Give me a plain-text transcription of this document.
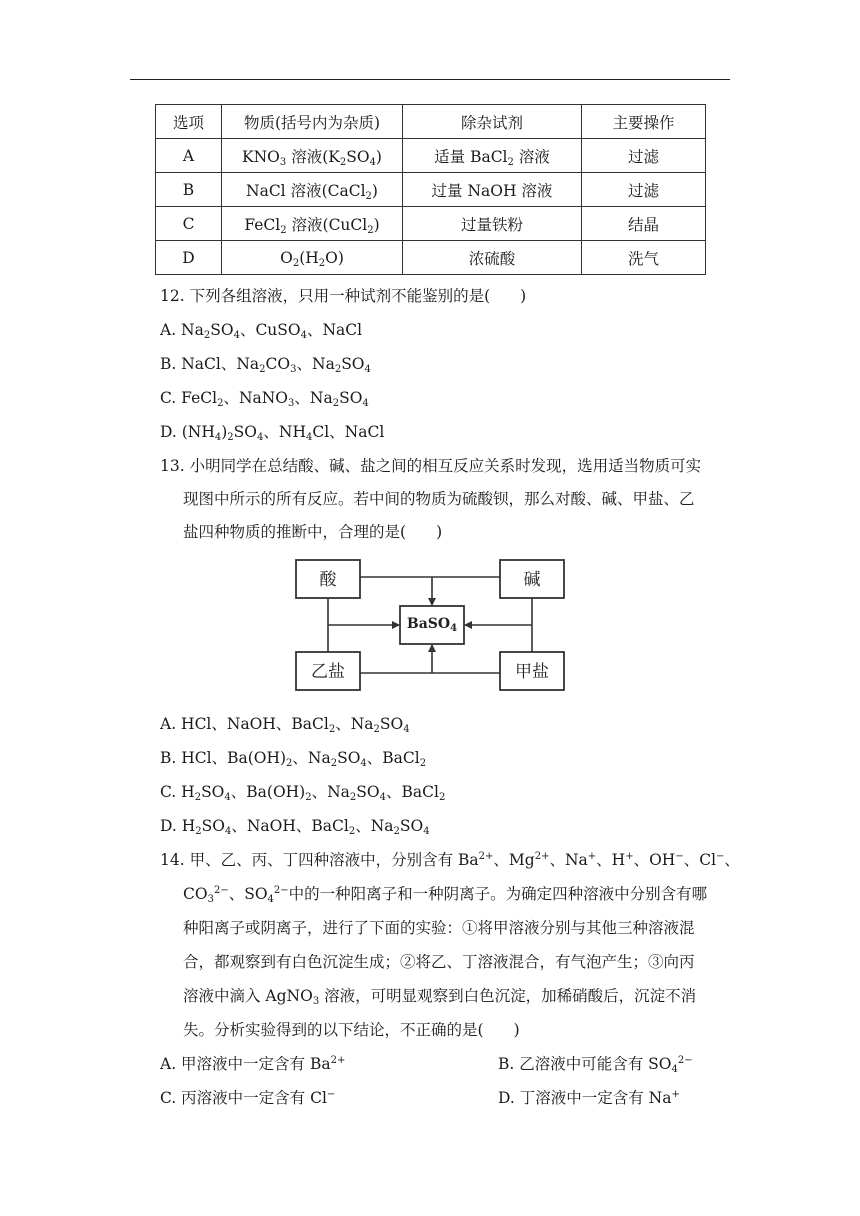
选项	物质(括号内为杂质)	除杂试剂	主要操作
A	$KNO_3$ 溶液$(K_2SO_4)$	适量 BaCl$_2$ 溶液	过滤
B	NaCl 溶液(CaCl$_2$)	过量 NaOH 溶液	过滤
C	FeCl$_2$ 溶液(CuCl$_2$)	过量铁粉	结晶
D	$O_2(H_2O)$	浓硫酸	洗气
12. 下列各组溶液，只用一种试剂不能鉴别的是( )
A. $Na_2SO_4$、CuSO$_4$、NaCl
B. NaCl、$Na_2CO_3$、$Na_2SO_4$
C. FeCl$_2$、NaNO$_3$、$Na_2SO_4$
D. $(NH_4)_2SO_4$、$NH_4Cl$、NaCl
13. 小明同学在总结酸、碱、盐之间的相互反应关系时发现，选用适当物质可实
现图中所示的所有反应。若中间的物质为硫酸钡，那么对酸、碱、甲盐、乙
盐四种物质的推断中，合理的是( )
酸	碱
乙盐	甲盐
BaSO$_4$
A. HCl、NaOH、BaCl$_2$、$Na_2SO_4$
B. HCl、$Ba(OH)_2$、$Na_2SO_4$、BaCl$_2$
C. $H_2SO_4$、$Ba(OH)_2$、$Na_2SO_4$、BaCl$_2$
D. $H_2SO_4$、NaOH、BaCl$_2$、$Na_2SO_4$
14. 甲、乙、丙、丁四种溶液中，分别含有 $Ba^{2+}$、$Mg^{2+}$、Na+、H+、OH−、Cl−、
$CO_3^{2-}$、$SO_4^{2-}$中的一种阳离子和一种阴离子。为确定四种溶液中分别含有哪
种阳离子或阴离子，进行了下面的实验：①将甲溶液分别与其他三种溶液混
合，都观察到有白色沉淀生成；②将乙、丁溶液混合，有气泡产生；③向丙
溶液中滴入 AgNO$_3$ 溶液，可明显观察到白色沉淀，加稀硝酸后，沉淀不消
失。分析实验得到的以下结论，不正确的是( )
A. 甲溶液中一定含有 $Ba^{2+}$	B. 乙溶液中可能含有 $SO_4^{2-}$
C. 丙溶液中一定含有 Cl−	D. 丁溶液中一定含有 Na+
